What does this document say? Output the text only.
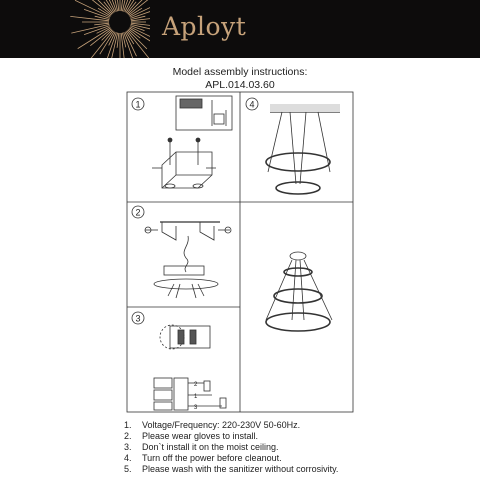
Aployt
Model assembly instructions:
APL.014.03.60
1
2
3
4
2
1
3
1.	Voltage/Frequency: 220-230V 50-60Hz.
2.	Please wear gloves to install.
3.	Don`t install it on the moist ceiling.
4.	Turn off the power before cleanout.
5.	Please wash with the sanitizer without corrosivity.
